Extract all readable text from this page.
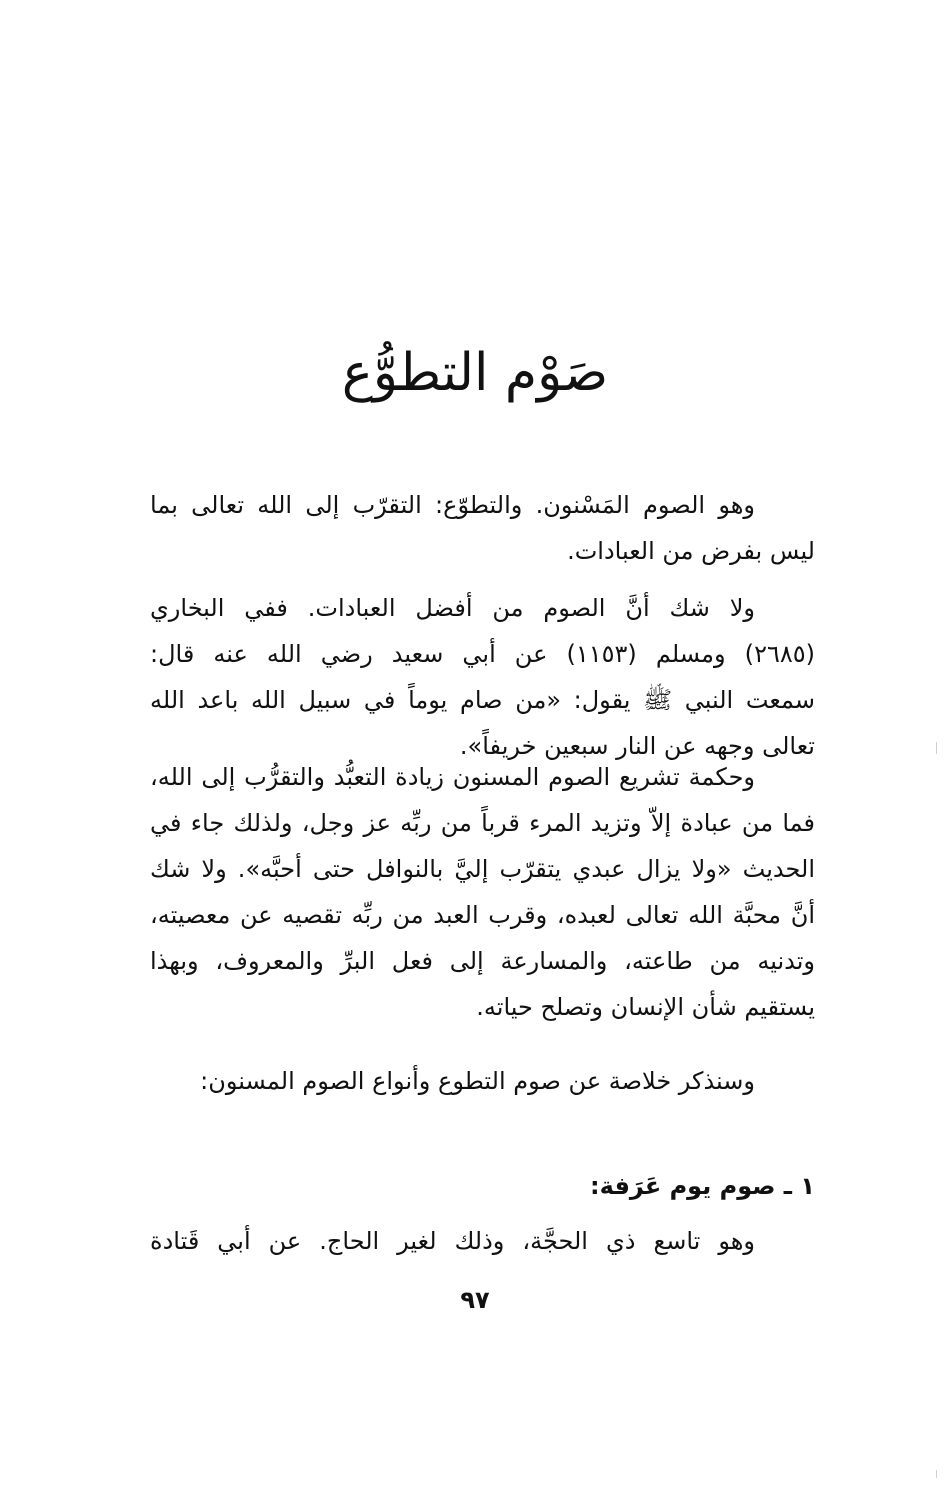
صَوْم التطوُّع
وهو الصوم المَسْنون. والتطوّع: التقرّب إلى الله تعالى بما
ليس بفرض من العبادات.
ولا شك أنَّ الصوم من أفضل العبادات. ففي البخاري
(٢٦٨٥) ومسلم (١١٥٣) عن أبي سعيد رضي الله عنه قال:
سمعت النبي ﷺ يقول: «من صام يوماً في سبيل الله باعد الله
تعالى وجهه عن النار سبعين خريفاً».
وحكمة تشريع الصوم المسنون زيادة التعبُّد والتقرُّب إلى الله،
فما من عبادة إلاّ وتزيد المرء قرباً من ربِّه عز وجل، ولذلك جاء في
الحديث «ولا يزال عبدي يتقرّب إليَّ بالنوافل حتى أحبَّه». ولا شك
أنَّ محبَّة الله تعالى لعبده، وقرب العبد من ربِّه تقصيه عن معصيته،
وتدنيه من طاعته، والمسارعة إلى فعل البرِّ والمعروف، وبهذا
يستقيم شأن الإنسان وتصلح حياته.
وسنذكر خلاصة عن صوم التطوع وأنواع الصوم المسنون:
١ ـ صوم يوم عَرَفة:
وهو تاسع ذي الحجَّة، وذلك لغير الحاج. عن أبي قَتادة
٩٧
